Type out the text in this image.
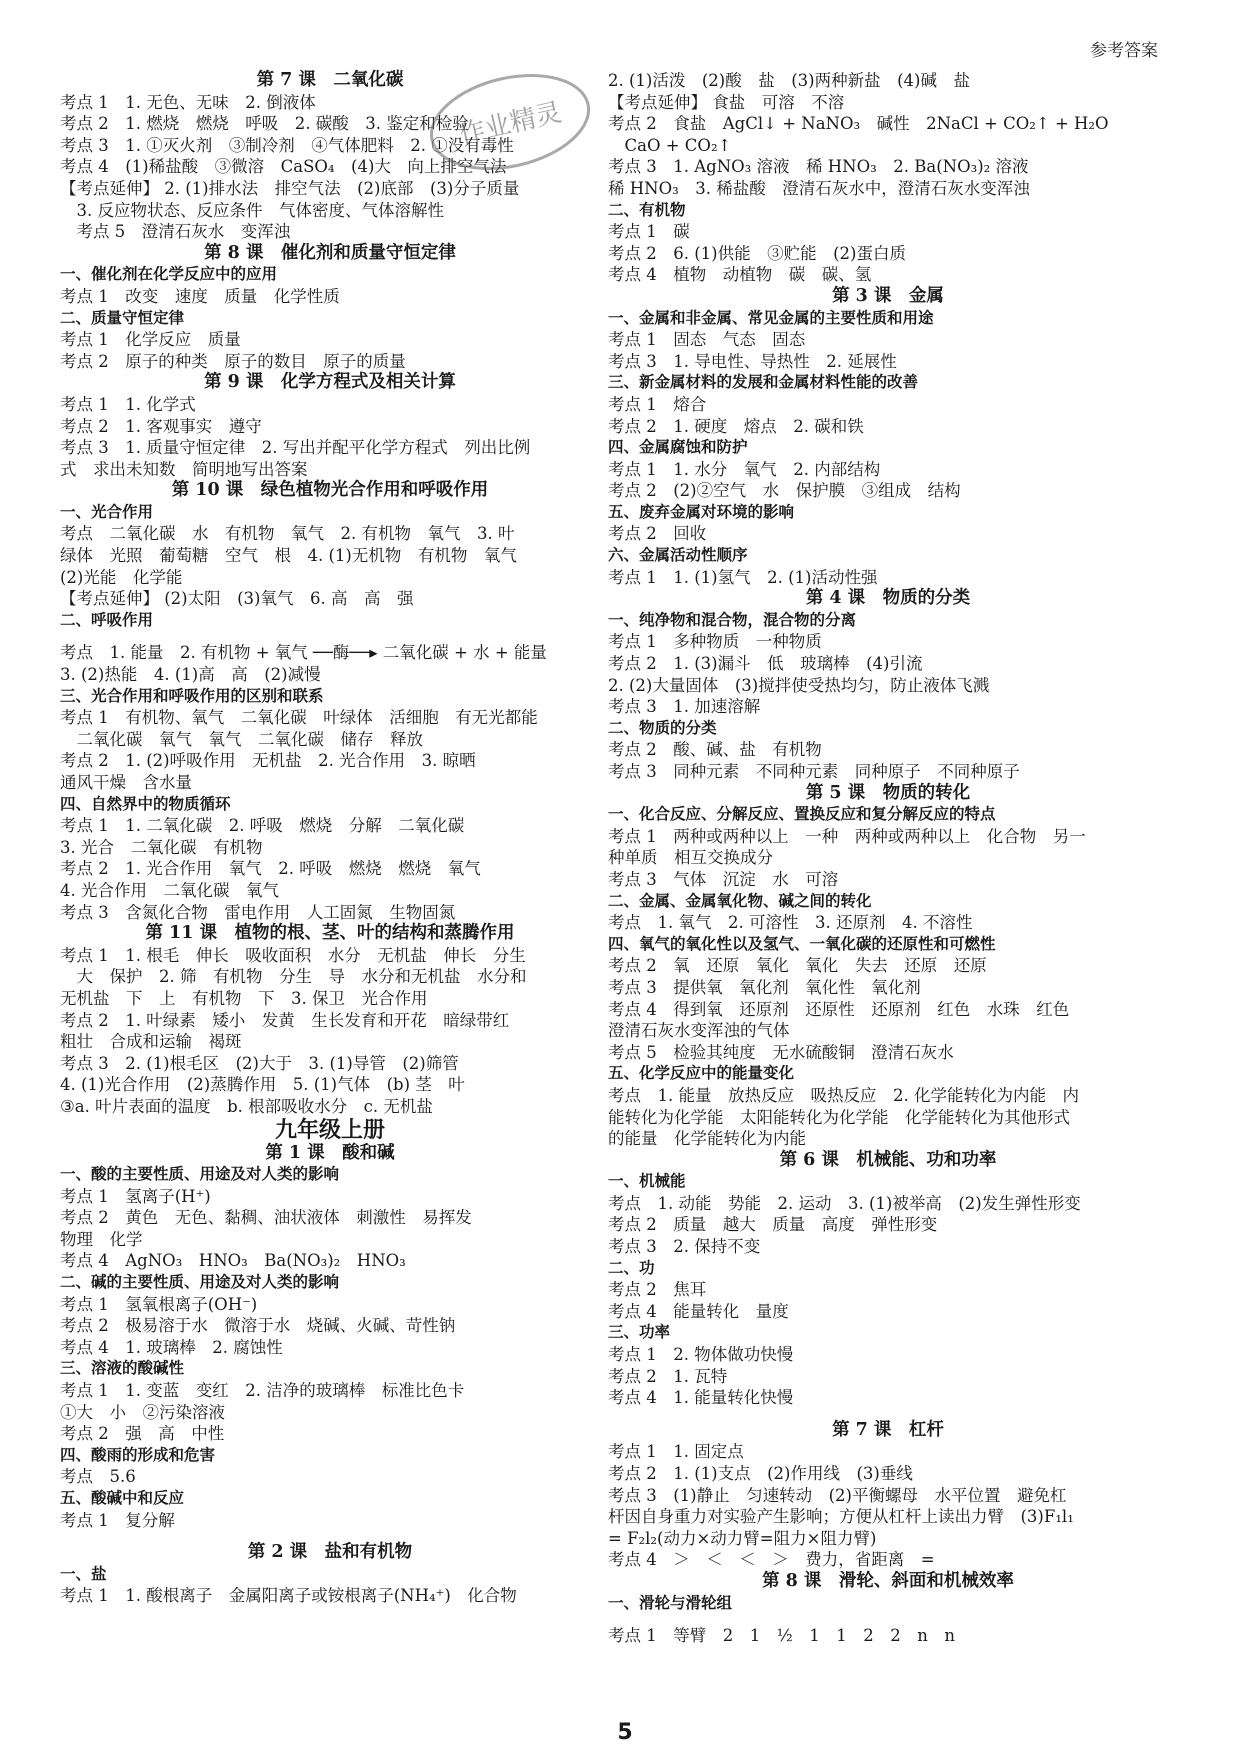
参考答案
第 7 课　二氧化碳
考点 1　1. 无色、无味　2. 倒液体
考点 2　1. 燃烧　燃烧　呼吸　2. 碳酸　3. 鉴定和检验
考点 3　1. ①灭火剂　③制冷剂　④气体肥料　2. ①没有毒性
考点 4　(1)稀盐酸　③微溶　CaSO₄　(4)大　向上排空气法
【考点延伸】 2. (1)排水法　排空气法　(2)底部　(3)分子质量
　3. 反应物状态、反应条件　气体密度、气体溶解性
　考点 5　澄清石灰水　变浑浊
第 8 课　催化剂和质量守恒定律
一、催化剂在化学反应中的应用
考点 1　改变　速度　质量　化学性质
二、质量守恒定律
考点 1　化学反应　质量
考点 2　原子的种类　原子的数目　原子的质量
第 9 课　化学方程式及相关计算
考点 1　1. 化学式
考点 2　1. 客观事实　遵守
考点 3　1. 质量守恒定律　2. 写出并配平化学方程式　列出比例
式　求出未知数　简明地写出答案
第 10 课　绿色植物光合作用和呼吸作用
一、光合作用
考点　二氧化碳　水　有机物　氧气　2. 有机物　氧气　3. 叶
绿体　光照　葡萄糖　空气　根　4. (1)无机物　有机物　氧气
(2)光能　化学能
【考点延伸】 (2)太阳　(3)氧气　6. 高　高　强
二、呼吸作用
考点　1. 能量　2. 有机物 + 氧气 ──酶──▸ 二氧化碳 + 水 + 能量
3. (2)热能　4. (1)高　高　(2)减慢
三、光合作用和呼吸作用的区别和联系
考点 1　有机物、氧气　二氧化碳　叶绿体　活细胞　有无光都能
　二氧化碳　氧气　氧气　二氧化碳　储存　释放
考点 2　1. (2)呼吸作用　无机盐　2. 光合作用　3. 晾晒
通风干燥　含水量
四、自然界中的物质循环
考点 1　1. 二氧化碳　2. 呼吸　燃烧　分解　二氧化碳
3. 光合　二氧化碳　有机物
考点 2　1. 光合作用　氧气　2. 呼吸　燃烧　燃烧　氧气
4. 光合作用　二氧化碳　氧气
考点 3　含氮化合物　雷电作用　人工固氮　生物固氮
第 11 课　植物的根、茎、叶的结构和蒸腾作用
考点 1　1. 根毛　伸长　吸收面积　水分　无机盐　伸长　分生
　大　保护　2. 筛　有机物　分生　导　水分和无机盐　水分和
无机盐　下　上　有机物　下　3. 保卫　光合作用
考点 2　1. 叶绿素　矮小　发黄　生长发育和开花　暗绿带红
粗壮　合成和运输　褐斑
考点 3　2. (1)根毛区　(2)大于　3. (1)导管　(2)筛管
4. (1)光合作用　(2)蒸腾作用　5. (1)气体　(b) 茎　叶
③a. 叶片表面的温度　b. 根部吸收水分　c. 无机盐
九年级上册
第 1 课　酸和碱
一、酸的主要性质、用途及对人类的影响
考点 1　氢离子(H⁺)
考点 2　黄色　无色、黏稠、油状液体　刺激性　易挥发
物理　化学
考点 4　AgNO₃　HNO₃　Ba(NO₃)₂　HNO₃
二、碱的主要性质、用途及对人类的影响
考点 1　氢氧根离子(OH⁻)
考点 2　极易溶于水　微溶于水　烧碱、火碱、苛性钠
考点 4　1. 玻璃棒　2. 腐蚀性
三、溶液的酸碱性
考点 1　1. 变蓝　变红　2. 洁净的玻璃棒　标准比色卡
①大　小　②污染溶液
考点 2　强　高　中性
四、酸雨的形成和危害
考点　5.6
五、酸碱中和反应
考点 1　复分解
第 2 课　盐和有机物
一、盐
考点 1　1. 酸根离子　金属阳离子或铵根离子(NH₄⁺)　化合物
2. (1)活泼　(2)酸　盐　(3)两种新盐　(4)碱　盐
【考点延伸】 食盐　可溶　不溶
考点 2　食盐　AgCl↓ + NaNO₃　碱性　2NaCl + CO₂↑ + H₂O
　CaO + CO₂↑
考点 3　1. AgNO₃ 溶液　稀 HNO₃　2. Ba(NO₃)₂ 溶液
稀 HNO₃　3. 稀盐酸　澄清石灰水中，澄清石灰水变浑浊
二、有机物
考点 1　碳
考点 2　6. (1)供能　③贮能　(2)蛋白质
考点 4　植物　动植物　碳　碳、氢
第 3 课　金属
一、金属和非金属、常见金属的主要性质和用途
考点 1　固态　气态　固态
考点 3　1. 导电性、导热性　2. 延展性
三、新金属材料的发展和金属材料性能的改善
考点 1　熔合
考点 2　1. 硬度　熔点　2. 碳和铁
四、金属腐蚀和防护
考点 1　1. 水分　氧气　2. 内部结构
考点 2　(2)②空气　水　保护膜　③组成　结构
五、废弃金属对环境的影响
考点 2　回收
六、金属活动性顺序
考点 1　1. (1)氢气　2. (1)活动性强
第 4 课　物质的分类
一、纯净物和混合物，混合物的分离
考点 1　多种物质　一种物质
考点 2　1. (3)漏斗　低　玻璃棒　(4)引流
2. (2)大量固体　(3)搅拌使受热均匀，防止液体飞溅
考点 3　1. 加速溶解
二、物质的分类
考点 2　酸、碱、盐　有机物
考点 3　同种元素　不同种元素　同种原子　不同种原子
第 5 课　物质的转化
一、化合反应、分解反应、置换反应和复分解反应的特点
考点 1　两种或两种以上　一种　两种或两种以上　化合物　另一
种单质　相互交换成分
考点 3　气体　沉淀　水　可溶
二、金属、金属氧化物、碱之间的转化
考点　1. 氧气　2. 可溶性　3. 还原剂　4. 不溶性
四、氧气的氧化性以及氢气、一氧化碳的还原性和可燃性
考点 2　氧　还原　氧化　氧化　失去　还原　还原
考点 3　提供氧　氧化剂　氧化性　氧化剂
考点 4　得到氧　还原剂　还原性　还原剂　红色　水珠　红色
澄清石灰水变浑浊的气体
考点 5　检验其纯度　无水硫酸铜　澄清石灰水
五、化学反应中的能量变化
考点　1. 能量　放热反应　吸热反应　2. 化学能转化为内能　内
能转化为化学能　太阳能转化为化学能　化学能转化为其他形式
的能量　化学能转化为内能
第 6 课　机械能、功和功率
一、机械能
考点　1. 动能　势能　2. 运动　3. (1)被举高　(2)发生弹性形变
考点 2　质量　越大　质量　高度　弹性形变
考点 3　2. 保持不变
二、功
考点 2　焦耳
考点 4　能量转化　量度
三、功率
考点 1　2. 物体做功快慢
考点 2　1. 瓦特
考点 4　1. 能量转化快慢
第 7 课　杠杆
考点 1　1. 固定点
考点 2　1. (1)支点　(2)作用线　(3)垂线
考点 3　(1)静止　匀速转动　(2)平衡螺母　水平位置　避免杠
杆因自身重力对实验产生影响；方便从杠杆上读出力臂　(3)F₁l₁
= F₂l₂(动力×动力臂=阻力×阻力臂)
考点 4　＞　＜　＜　＞　费力，省距离　=
第 8 课　滑轮、斜面和机械效率
一、滑轮与滑轮组
考点 1　等臂　2　1　½　1　1　2　2　n　n
作业精灵
5
